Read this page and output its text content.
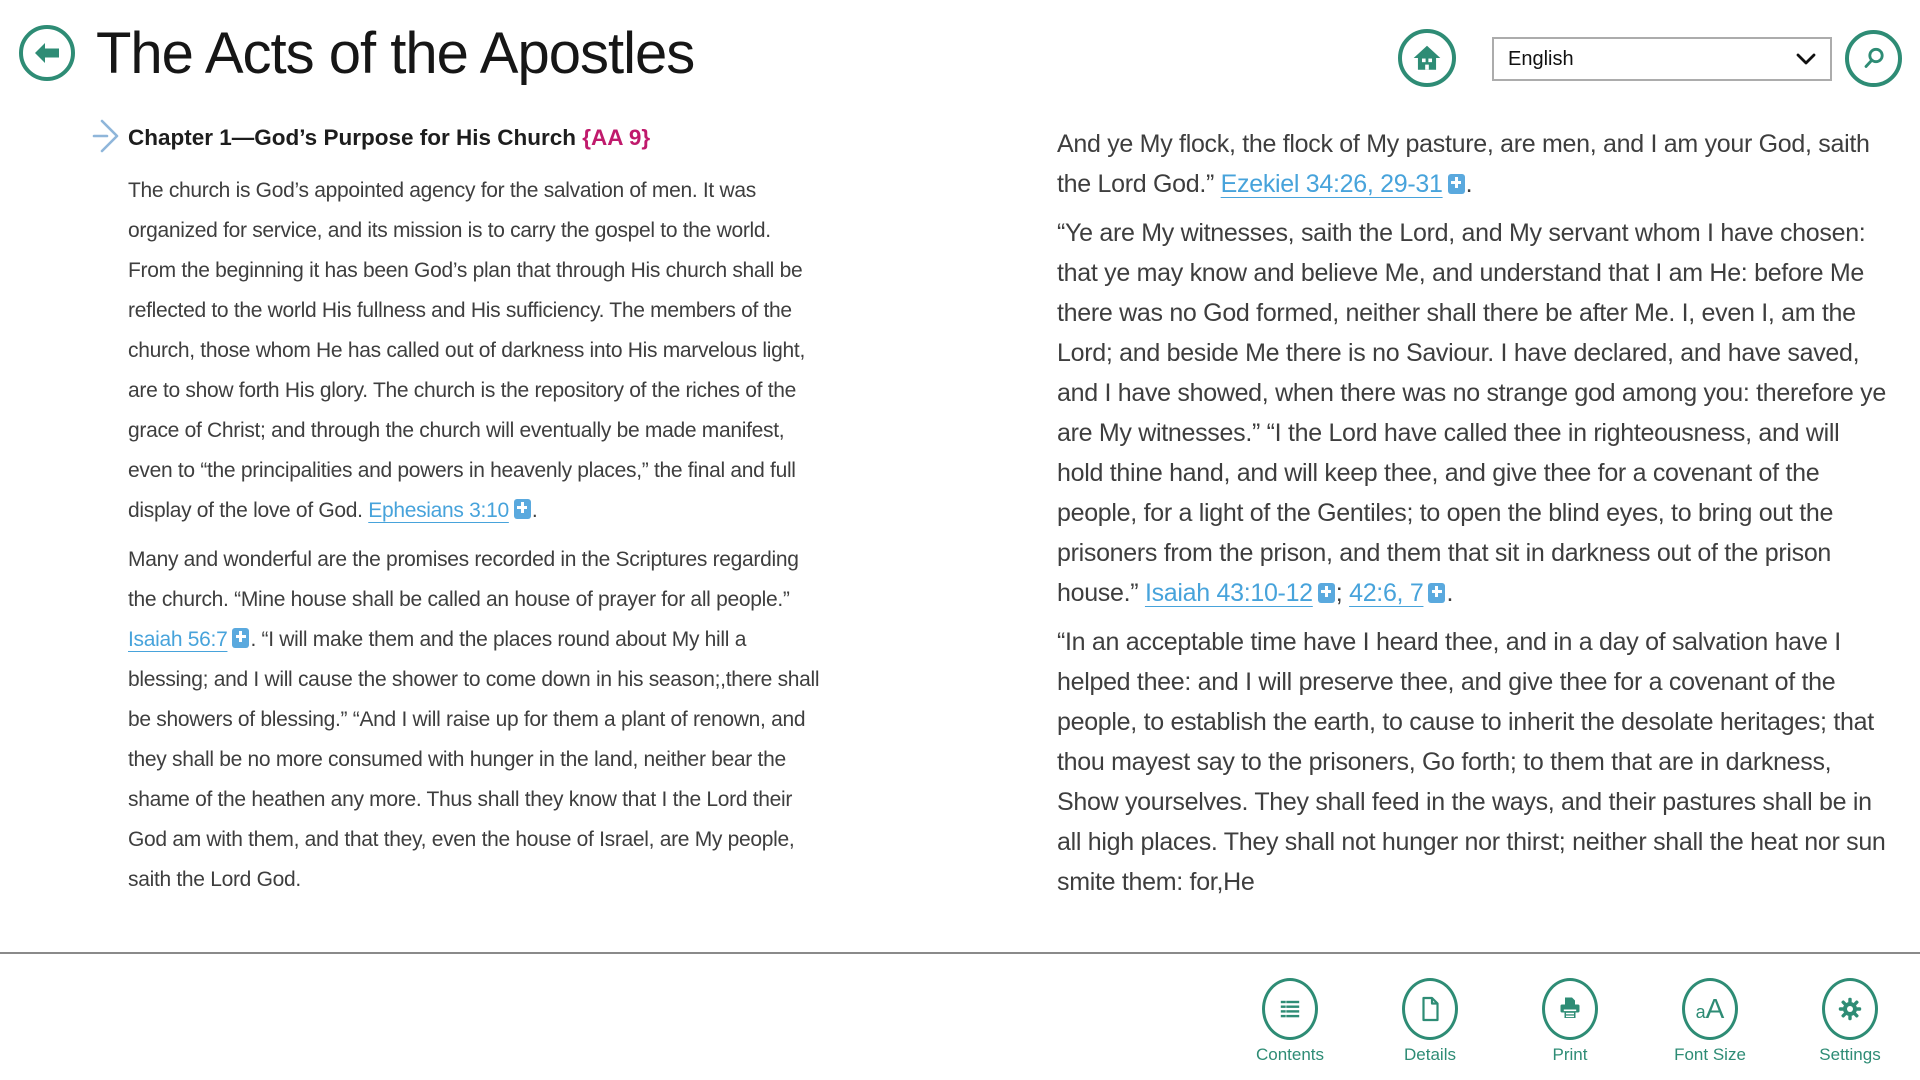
The Acts of the Apostles	English
Chapter 1—God’s Purpose for His Church {AA 9}

The church is God’s appointed agency for the salvation of men. It was organized for service, and its mission is to carry the gospel to the world. From the beginning it has been God’s plan that through His church shall be reflected to the world His fullness and His sufficiency. The members of the church, those whom He has called out of darkness into His marvelous light, are to show forth His glory. The church is the repository of the riches of the grace of Christ; and through the church will eventually be made manifest, even to “the principalities and powers in heavenly places,” the final and full display of the love of God. Ephesians 3:10 .

Many and wonderful are the promises recorded in the Scriptures regarding the church. “Mine house shall be called an house of prayer for all people.” Isaiah 56:7 . “I will make them and the places round about My hill a blessing; and I will cause the shower to come down in his season;,there shall be showers of blessing.” “And I will raise up for them a plant of renown, and they shall be no more consumed with hunger in the land, neither bear the shame of the heathen any more. Thus shall they know that I the Lord their God am with them, and that they, even the house of Israel, are My people, saith the Lord God.

And ye My flock, the flock of My pasture, are men, and I am your God, saith the Lord God.” Ezekiel 34:26, 29-31 .

“Ye are My witnesses, saith the Lord, and My servant whom I have chosen: that ye may know and believe Me, and understand that I am He: before Me there was no God formed, neither shall there be after Me. I, even I, am the Lord; and beside Me there is no Saviour. I have declared, and have saved, and I have showed, when there was no strange god among you: therefore ye are My witnesses.” “I the Lord have called thee in righteousness, and will hold thine hand, and will keep thee, and give thee for a covenant of the people, for a light of the Gentiles; to open the blind eyes, to bring out the prisoners from the prison, and them that sit in darkness out of the prison house.” Isaiah 43:10-12 ; 42:6, 7 .

“In an acceptable time have I heard thee, and in a day of salvation have I helped thee: and I will preserve thee, and give thee for a covenant of the people, to establish the earth, to cause to inherit the desolate heritages; that thou mayest say to the prisoners, Go forth; to them that are in darkness, Show yourselves. They shall feed in the ways, and their pastures shall be in all high places. They shall not hunger nor thirst; neither shall the heat nor sun smite them: for,He

Contents	Details	Print
a A
Font Size	Settings
